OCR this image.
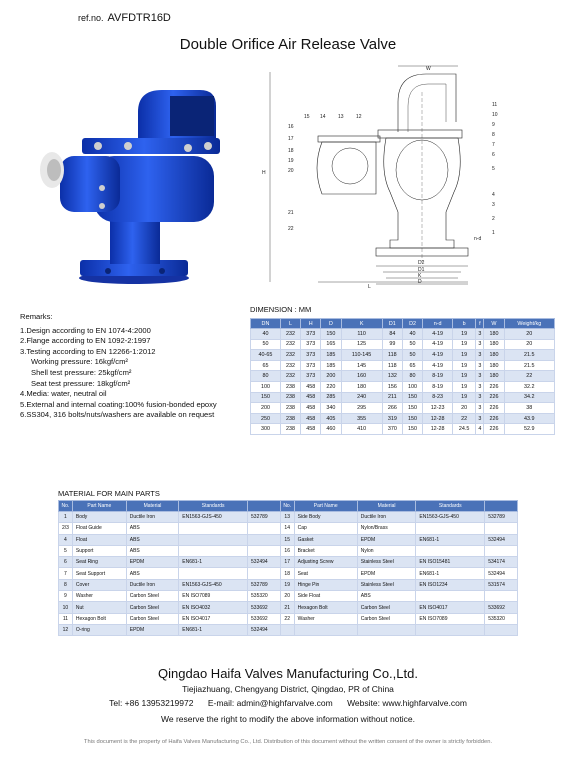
ref.no. AVFDTR16D
Double Orifice Air Release Valve
W
H
D2
D1
K
D
L
n-d
11
10
9
8
7
6
5
4
3
2
1
15 14 13 12
16
17
18
19
20
21
22
Remarks:
1.Design according to EN 1074-4:2000
2.Flange according to EN 1092-2:1997
3.Testing according to EN 12266-1:2012
Working pressure: 16kgf/cm²
Shell test pressure: 25kgf/cm²
Seat test pressure: 18kgf/cm²
4.Media: water, neutral oil
5.External and internal coating:100% fusion-bonded epoxy
6.SS304, 316 bolts/nuts/washers are available on request
DIMENSION : MM
DN	L	H	D	K	D1	D2	n-d	b	f	W	Weight/kg
40	232	373	150	110	84	40	4-19	19	3	180	20
50	232	373	165	125	99	50	4-19	19	3	180	20
40-65	232	373	185	110-145	118	50	4-19	19	3	180	21.5
65	232	373	185	145	118	65	4-19	19	3	180	21.5
80	232	373	200	160	132	80	8-19	19	3	180	22
100	238	458	220	180	156	100	8-19	19	3	226	32.2
150	238	458	285	240	211	150	8-23	19	3	226	34.2
200	238	458	340	295	266	150	12-23	20	3	226	38
250	238	458	405	355	319	150	12-28	22	3	226	43.9
300	238	458	460	410	370	150	12-28	24.5	4	226	52.9
MATERIAL FOR MAIN PARTS
No.	Part Name	Material	Standards		No.	Part Name	Material	Standards	
1	Body	Ductile Iron	EN1563-GJS-450	532789	13	Side Body	Ductile Iron	EN1563-GJS-450	532789
2/3	Float Guide	ABS			14	Cap	Nylon/Brass		
4	Float	ABS			15	Gasket	EPDM	EN681-1	532494
5	Support	ABS			16	Bracket	Nylon		
6	Seat Ring	EPDM	EN681-1	532494	17	Adjusting Screw	Stainless Steel	EN ISO15481	534174
7	Seat Support	ABS			18	Seat	EPDM	EN681-1	532494
8	Cover	Ductile Iron	EN1563-GJS-450	532789	19	Hinge Pin	Stainless Steel	EN ISO1234	531574
9	Washer	Carbon Steel	EN ISO7089	535320	20	Side Float	ABS		
10	Nut	Carbon Steel	EN ISO4032	533692	21	Hexagon Bolt	Carbon Steel	EN ISO4017	533692
11	Hexagon Bolt	Carbon Steel	EN ISO4017	533692	22	Washer	Carbon Steel	EN ISO7089	535320
12	O-ring	EPDM	EN681-1	532494					
Qingdao Haifa Valves Manufacturing Co.,Ltd.
Tiejiazhuang, Chengyang District, Qingdao, PR of China
Tel: +86 13953219972 E-mail: admin@highfarvalve.com Website: www.highfarvalve.com
We reserve the right to modify the above information without notice.
This document is the property of Haifa Valves Manufacturing Co., Ltd. Distribution of this document without the written consent of the owner is strictly forbidden.
